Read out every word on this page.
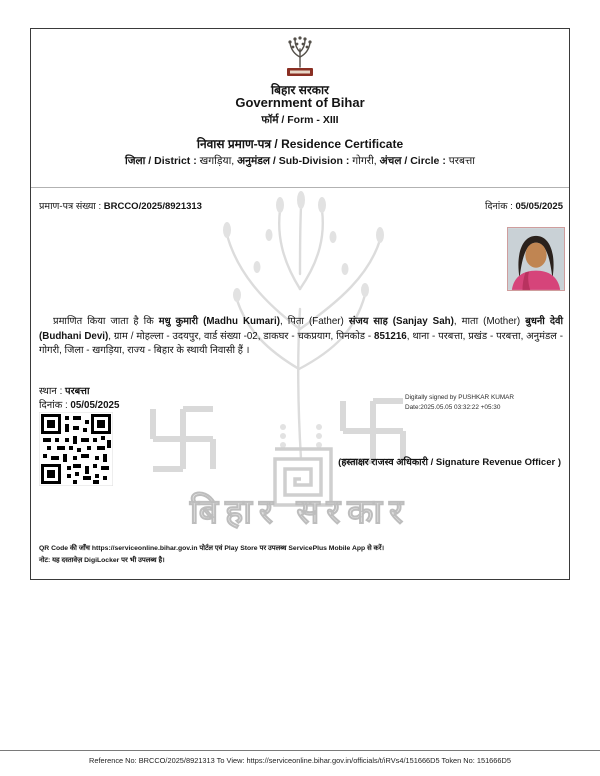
बिहार सरकार
बिहार सरकार
Government of Bihar
फॉर्म / Form - XIII
निवास प्रमाण-पत्र / Residence Certificate
जिला / District : खगड़िया, अनुमंडल / Sub-Division : गोगरी, अंचल / Circle : परबत्ता
प्रमाण-पत्र संख्या : BRCCO/2025/8921313	दिनांक : 05/05/2025
प्रमाणित किया जाता है कि मधु कुमारी (Madhu Kumari), पिता (Father) संजय साह (Sanjay Sah), माता (Mother) बुधनी देवी (Budhani Devi), ग्राम / मोहल्ला - उदयपुर, वार्ड संख्या -02, डाकघर - चकप्रयाग, पिनकोड - 851216, थाना - परबत्ता, प्रखंड - परबत्ता, अनुमंडल - गोगरी, जिला - खगड़िया, राज्य - बिहार के स्थायी निवासी हैं ।
स्थान : परबत्ता
दिनांक : 05/05/2025
Digitally signed by PUSHKAR KUMAR
Date:2025.05.05 03:32:22 +05:30
(हस्ताक्षर राजस्व अधिकारी / Signature Revenue Officer )
QR Code की जाँच https://serviceonline.bihar.gov.in पोर्टल एवं Play Store पर उपलब्ध ServicePlus Mobile App से करें।
नोट: यह दस्तावेज़ DigiLocker पर भी उपलब्ध है।
Reference No: BRCCO/2025/8921313 To View: https://serviceonline.bihar.gov.in/officials/t/iRVs4/151666D5 Token No: 151666D5
